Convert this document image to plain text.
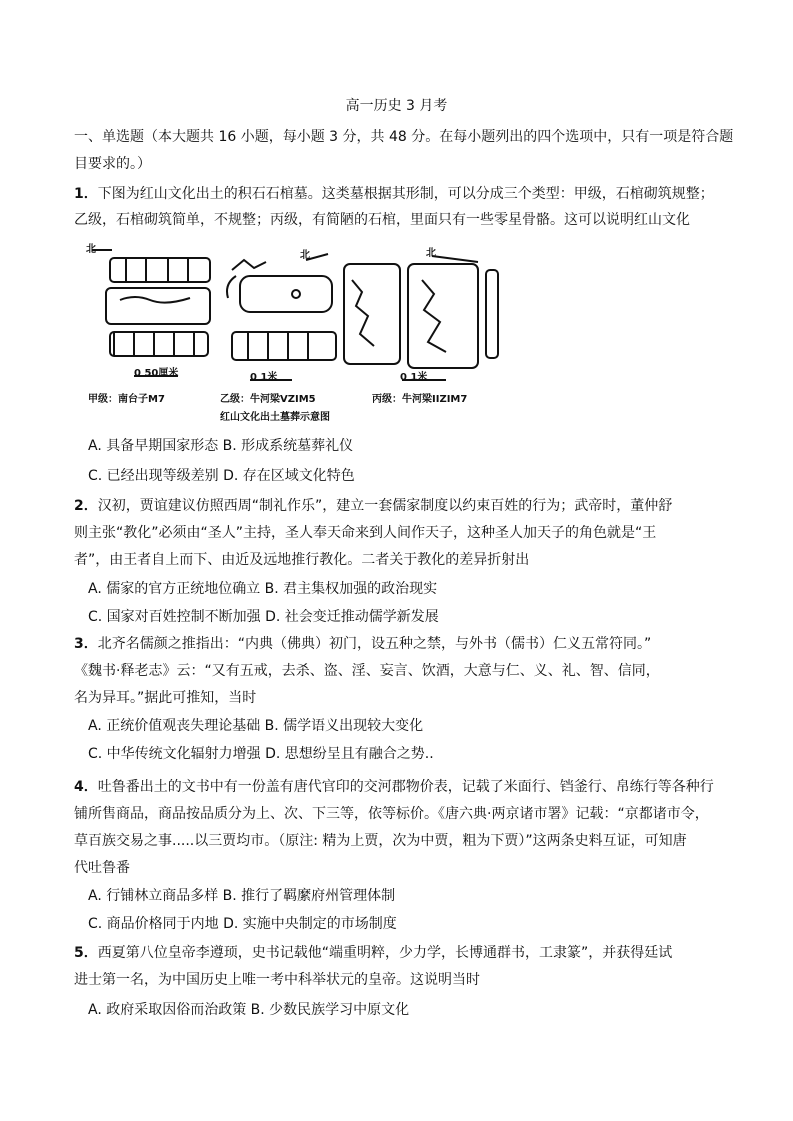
高一历史 3 月考
一、单选题（本大题共 16 小题，每小题 3 分，共 48 分。在每小题列出的四个选项中，只有一项是符合题
目要求的。）
1．下图为红山文化出土的积石石棺墓。这类墓根据其形制，可以分成三个类型：甲级，石棺砌筑规整；
乙级，石棺砌筑简单，不规整；丙级，有简陋的石棺，里面只有一些零星骨骼。这可以说明红山文化
北
北	北
0 50厘米	0 1米	0 1米
甲级：南台子M7	乙级：牛河梁VZIM5	丙级：牛河梁IIZIM7
红山文化出土墓葬示意图
A. 具备早期国家形态 B. 形成系统墓葬礼仪
C. 已经出现等级差别 D. 存在区域文化特色
2．汉初，贾谊建议仿照西周“制礼作乐”，建立一套儒家制度以约束百姓的行为；武帝时，董仲舒
则主张“教化”必须由“圣人”主持，圣人奉天命来到人间作天子，这种圣人加天子的角色就是“王
者”，由王者自上而下、由近及远地推行教化。二者关于教化的差异折射出
A. 儒家的官方正统地位确立 B. 君主集权加强的政治现实
C. 国家对百姓控制不断加强 D. 社会变迁推动儒学新发展
3．北齐名儒颜之推指出：“内典（佛典）初门，设五种之禁，与外书（儒书）仁义五常符同。”
《魏书·释老志》云：“又有五戒，去杀、盗、淫、妄言、饮酒，大意与仁、义、礼、智、信同，
名为异耳。”据此可推知，当时
A. 正统价值观丧失理论基础 B. 儒学语义出现较大变化
C. 中华传统文化辐射力增强 D. 思想纷呈且有融合之势..
4．吐鲁番出土的文书中有一份盖有唐代官印的交河郡物价表，记载了米面行、铛釜行、帛练行等各种行
铺所售商品，商品按品质分为上、次、下三等，依等标价。《唐六典·两京诸市署》记载：“京都诸市令，
草百族交易之事.....以三贾均市。（原注: 精为上贾，次为中贾，粗为下贾）”这两条史料互证，可知唐
代吐鲁番
A. 行铺林立商品多样 B. 推行了羁縻府州管理体制
C. 商品价格同于内地 D. 实施中央制定的市场制度
5．西夏第八位皇帝李遵顼，史书记载他“端重明粹，少力学，长博通群书，工隶篆”，并获得廷试
进士第一名，为中国历史上唯一考中科举状元的皇帝。这说明当时
A. 政府采取因俗而治政策 B. 少数民族学习中原文化
